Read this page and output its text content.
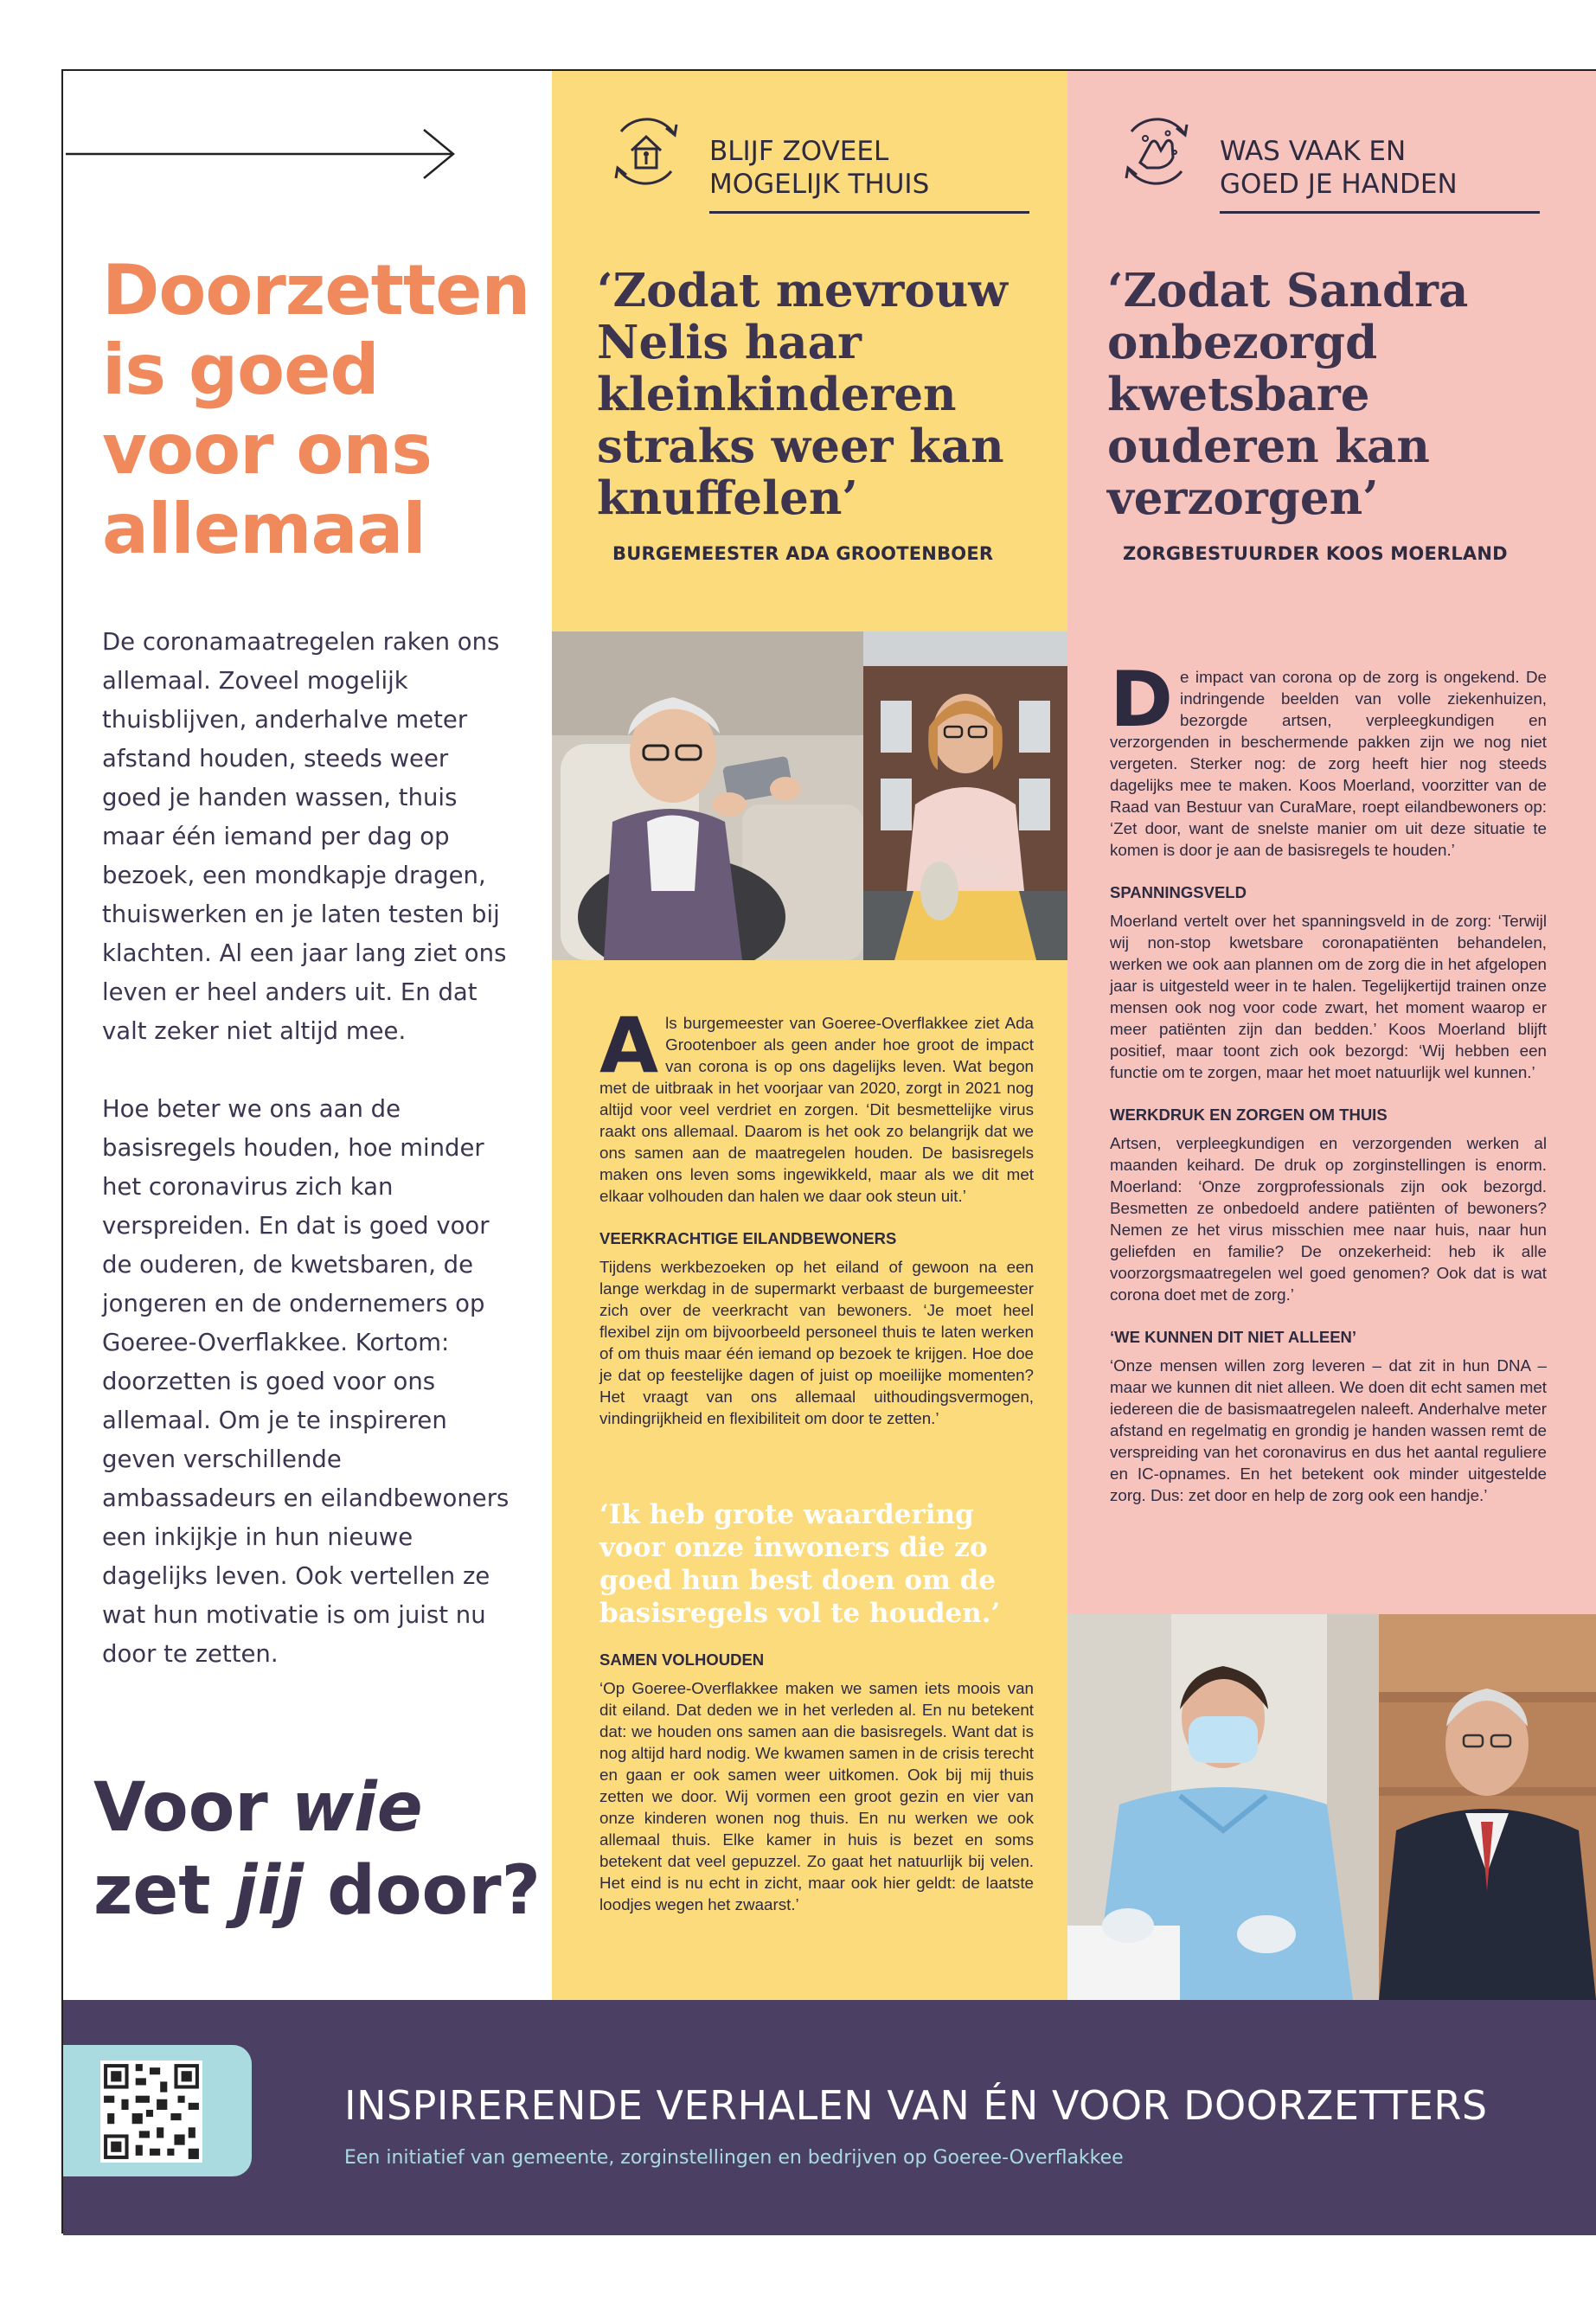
Doorzetten is goed voor ons allemaal

De coronamaatregelen raken ons allemaal. Zoveel mogelijk thuisblijven, anderhalve meter afstand houden, steeds weer goed je handen wassen, thuis maar één iemand per dag op bezoek, een mondkapje dragen, thuiswerken en je laten testen bij klachten. Al een jaar lang ziet ons leven er heel anders uit. En dat valt zeker niet altijd mee.

Hoe beter we ons aan de basisregels houden, hoe minder het coronavirus zich kan verspreiden. En dat is goed voor de ouderen, de kwetsbaren, de jongeren en de ondernemers op Goeree-Overflakkee. Kortom: doorzetten is goed voor ons allemaal. Om je te inspireren geven verschillende ambassadeurs en eilandbewoners een inkijkje in hun nieuwe dagelijks leven. Ook vertellen ze wat hun motivatie is om juist nu door te zetten.

Voor wie
zet jij door?

BLIJF ZOVEEL
MOGELIJK THUIS

WAS VAAK EN
GOED JE HANDEN

‘Zodat mevrouw Nelis haar kleinkinderen straks weer kan knuffelen’

BURGEMEESTER ADA GROOTENBOER

‘Zodat Sandra onbezorgd kwetsbare ouderen kan verzorgen’

ZORGBESTUURDER KOOS MOERLAND

A ls burgemeester van Goeree-Overflakkee ziet Ada Grootenboer als geen ander hoe groot de impact van corona is op ons dagelijks leven. Wat begon met de uitbraak in het voorjaar van 2020, zorgt in 2021 nog altijd voor veel verdriet en zorgen. ‘Dit besmettelijke virus raakt ons allemaal. Daarom is het ook zo belangrijk dat we ons samen aan de maatregelen houden. De basisregels maken ons leven soms ingewikkeld, maar als we dit met elkaar volhouden dan halen we daar ook steun uit.’

VEERKRACHTIGE EILANDBEWONERS

Tijdens werkbezoeken op het eiland of gewoon na een lange werkdag in de supermarkt verbaast de burgemeester zich over de veerkracht van bewoners. ‘Je moet heel flexibel zijn om bijvoorbeeld personeel thuis te laten werken of om thuis maar één iemand op bezoek te krijgen. Hoe doe je dat op feestelijke dagen of juist op moeilijke momenten? Het vraagt van ons allemaal uithoudingsvermogen, vindingrijkheid en flexibiliteit om door te zetten.’

‘Ik heb grote waardering voor onze inwoners die zo goed hun best doen om de basisregels vol te houden.’

SAMEN VOLHOUDEN

‘Op Goeree-Overflakkee maken we samen iets moois van dit eiland. Dat deden we in het verleden al. En nu betekent dat: we houden ons samen aan die basisregels. Want dat is nog altijd hard nodig. We kwamen samen in de crisis terecht en gaan er ook samen weer uitkomen. Ook bij mij thuis zetten we door. Wij vormen een groot gezin en vier van onze kinderen wonen nog thuis. En nu werken we ook allemaal thuis. Elke kamer in huis is bezet en soms betekent dat veel gepuzzel. Zo gaat het natuurlijk bij velen. Het eind is nu echt in zicht, maar ook hier geldt: de laatste loodjes wegen het zwaarst.’

D e impact van corona op de zorg is ongekend. De indringende beelden van volle ziekenhuizen, bezorgde artsen, verpleegkundigen en verzorgenden in beschermende pakken zijn we nog niet vergeten. Sterker nog: de zorg heeft hier nog steeds dagelijks mee te maken. Koos Moerland, voorzitter van de Raad van Bestuur van CuraMare, roept eilandbewoners op: ‘Zet door, want de snelste manier om uit deze situatie te komen is door je aan de basisregels te houden.’

SPANNINGSVELD

Moerland vertelt over het spanningsveld in de zorg: ‘Terwijl wij non-stop kwetsbare coronapatiënten behandelen, werken we ook aan plannen om de zorg die in het afgelopen jaar is uitgesteld weer in te halen. Tegelijkertijd trainen onze mensen ook nog voor code zwart, het moment waarop er meer patiënten zijn dan bedden.’ Koos Moerland blijft positief, maar toont zich ook bezorgd: ‘Wij hebben een functie om te zorgen, maar het moet natuurlijk wel kunnen.’

WERKDRUK EN ZORGEN OM THUIS

Artsen, verpleegkundigen en verzorgenden werken al maanden keihard. De druk op zorginstellingen is enorm. Moerland: ‘Onze zorgprofessionals zijn ook bezorgd. Besmetten ze onbedoeld andere patiënten of bewoners? Nemen ze het virus misschien mee naar huis, naar hun geliefden en familie? De onzekerheid: heb ik alle voorzorgsmaatregelen wel goed genomen? Ook dat is wat corona doet met de zorg.’

‘WE KUNNEN DIT NIET ALLEEN’

‘Onze mensen willen zorg leveren – dat zit in hun DNA – maar we kunnen dit niet alleen. We doen dit echt samen met iedereen die de basismaatregelen naleeft. Anderhalve meter afstand en regelmatig en grondig je handen wassen remt de verspreiding van het coronavirus en dus het aantal reguliere en IC-opnames. En het betekent ook minder uitgestelde zorg. Dus: zet door en help de zorg ook een handje.’

INSPIRERENDE VERHALEN VAN ÉN VOOR DOORZETTERS

Een initiatief van gemeente, zorginstellingen en bedrijven op Goeree-Overflakkee
